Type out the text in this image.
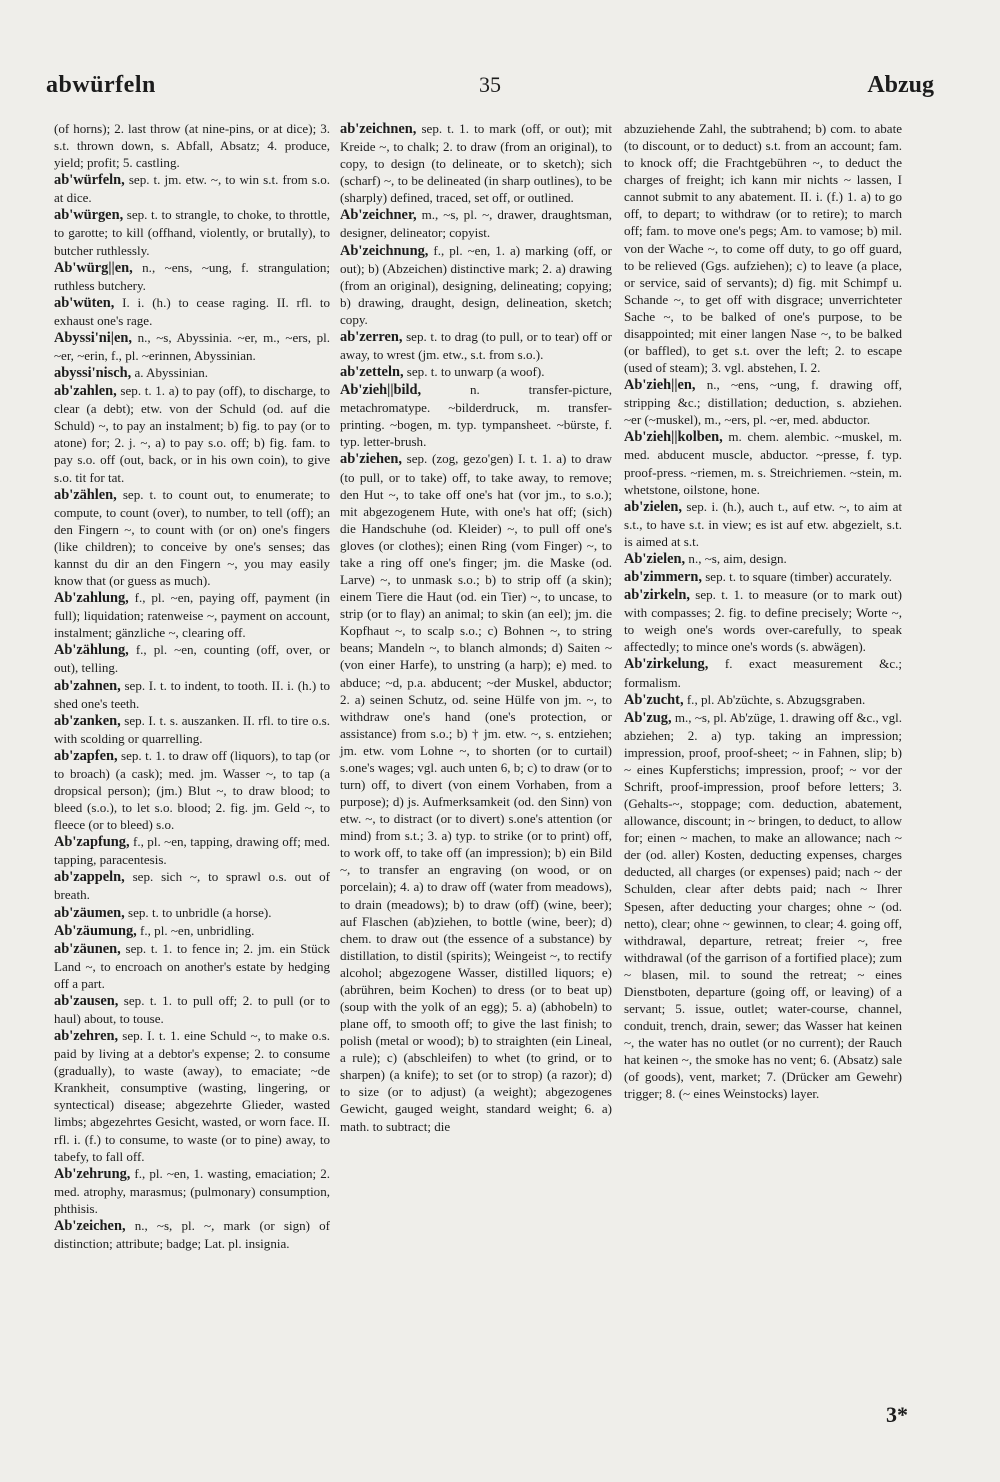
abwürfeln	35	Abzug

(of horns); 2. last throw (at nine-pins, or at dice); 3. s.t. thrown down, s. Abfall, Absatz; 4. produce, yield; profit; 5. castling.

ab'würfeln, sep. t. jm. etw. ~, to win s.t. from s.o. at dice.

ab'würgen, sep. t. to strangle, to choke, to throttle, to garotte; to kill (offhand, violently, or brutally), to butcher ruthlessly.

Ab'würg||en, n., ~ens, ~ung, f. strangulation; ruthless butchery.

ab'wüten, I. i. (h.) to cease raging. II. rfl. to exhaust one's rage.

Abyssi'ni|en, n., ~s, Abyssinia. ~er, m., ~ers, pl. ~er, ~erin, f., pl. ~erinnen, Abyssinian.

abyssi'nisch, a. Abyssinian.

ab'zahlen, sep. t. 1. a) to pay (off), to discharge, to clear (a debt); etw. von der Schuld (od. auf die Schuld) ~, to pay an instalment; b) fig. to pay (or to atone) for; 2. j. ~, a) to pay s.o. off; b) fig. fam. to pay s.o. off (out, back, or in his own coin), to give s.o. tit for tat.

ab'zählen, sep. t. to count out, to enumerate; to compute, to count (over), to number, to tell (off); an den Fingern ~, to count with (or on) one's fingers (like children); to conceive by one's senses; das kannst du dir an den Fingern ~, you may easily know that (or guess as much).

Ab'zahlung, f., pl. ~en, paying off, payment (in full); liquidation; ratenweise ~, payment on account, instalment; gänzliche ~, clearing off.

Ab'zählung, f., pl. ~en, counting (off, over, or out), telling.

ab'zahnen, sep. I. t. to indent, to tooth. II. i. (h.) to shed one's teeth.

ab'zanken, sep. I. t. s. auszanken. II. rfl. to tire o.s. with scolding or quarrelling.

ab'zapfen, sep. t. 1. to draw off (liquors), to tap (or to broach) (a cask); med. jm. Wasser ~, to tap (a dropsical person); (jm.) Blut ~, to draw blood; to bleed (s.o.), to let s.o. blood; 2. fig. jm. Geld ~, to fleece (or to bleed) s.o.

Ab'zapfung, f., pl. ~en, tapping, drawing off; med. tapping, paracentesis.

ab'zappeln, sep. sich ~, to sprawl o.s. out of breath.

ab'zäumen, sep. t. to unbridle (a horse).

Ab'zäumung, f., pl. ~en, unbridling.

ab'zäunen, sep. t. 1. to fence in; 2. jm. ein Stück Land ~, to encroach on another's estate by hedging off a part.

ab'zausen, sep. t. 1. to pull off; 2. to pull (or to haul) about, to touse.

ab'zehren, sep. I. t. 1. eine Schuld ~, to make o.s. paid by living at a debtor's expense; 2. to consume (gradually), to waste (away), to emaciate; ~de Krankheit, consumptive (wasting, lingering, or syntectical) disease; abgezehrte Glieder, wasted limbs; abgezehrtes Gesicht, wasted, or worn face. II. rfl. i. (f.) to consume, to waste (or to pine) away, to tabefy, to fall off.

Ab'zehrung, f., pl. ~en, 1. wasting, emaciation; 2. med. atrophy, marasmus; (pulmonary) consumption, phthisis.

Ab'zeichen, n., ~s, pl. ~, mark (or sign) of distinction; attribute; badge; Lat. pl. insignia.

ab'zeichnen, sep. t. 1. to mark (off, or out); mit Kreide ~, to chalk; 2. to draw (from an original), to copy, to design (to delineate, or to sketch); sich (scharf) ~, to be delineated (in sharp outlines), to be (sharply) defined, traced, set off, or outlined.

Ab'zeichner, m., ~s, pl. ~, drawer, draughtsman, designer, delineator; copyist.

Ab'zeichnung, f., pl. ~en, 1. a) marking (off, or out); b) (Abzeichen) distinctive mark; 2. a) drawing (from an original), designing, delineating; copying; b) drawing, draught, design, delineation, sketch; copy.

ab'zerren, sep. t. to drag (to pull, or to tear) off or away, to wrest (jm. etw., s.t. from s.o.).

ab'zetteln, sep. t. to unwarp (a woof).

Ab'zieh||bild, n. transfer-picture, metachromatype. ~bilderdruck, m. transfer-printing. ~bogen, m. typ. tympansheet. ~bürste, f. typ. letter-brush.

ab'ziehen, sep. (zog, gezo'gen) I. t. 1. a) to draw (to pull, or to take) off, to take away, to remove; den Hut ~, to take off one's hat (vor jm., to s.o.); mit abgezogenem Hute, with one's hat off; (sich) die Handschuhe (od. Kleider) ~, to pull off one's gloves (or clothes); einen Ring (vom Finger) ~, to take a ring off one's finger; jm. die Maske (od. Larve) ~, to unmask s.o.; b) to strip off (a skin); einem Tiere die Haut (od. ein Tier) ~, to uncase, to strip (or to flay) an animal; to skin (an eel); jm. die Kopfhaut ~, to scalp s.o.; c) Bohnen ~, to string beans; Mandeln ~, to blanch almonds; d) Saiten ~ (von einer Harfe), to unstring (a harp); e) med. to abduce; ~d, p.a. abducent; ~der Muskel, abductor; 2. a) seinen Schutz, od. seine Hülfe von jm. ~, to withdraw one's hand (one's protection, or assistance) from s.o.; b) † jm. etw. ~, s. entziehen; jm. etw. vom Lohne ~, to shorten (or to curtail) s.one's wages; vgl. auch unten 6, b; c) to draw (or to turn) off, to divert (von einem Vorhaben, from a purpose); d) js. Aufmerksamkeit (od. den Sinn) von etw. ~, to distract (or to divert) s.one's attention (or mind) from s.t.; 3. a) typ. to strike (or to print) off, to work off, to take off (an impression); b) ein Bild ~, to transfer an engraving (on wood, or on porcelain); 4. a) to draw off (water from meadows), to drain (meadows); b) to draw (off) (wine, beer); auf Flaschen (ab)ziehen, to bottle (wine, beer); d) chem. to draw out (the essence of a substance) by distillation, to distil (spirits); Weingeist ~, to rectify alcohol; abgezogene Wasser, distilled liquors; e) (abrühren, beim Kochen) to dress (or to beat up) (soup with the yolk of an egg); 5. a) (abhobeln) to plane off, to smooth off; to give the last finish; to polish (metal or wood); b) to straighten (ein Lineal, a rule); c) (abschleifen) to whet (to grind, or to sharpen) (a knife); to set (or to strop) (a razor); d) to size (or to adjust) (a weight); abgezogenes Gewicht, gauged weight, standard weight; 6. a) math. to subtract; die

abzuziehende Zahl, the subtrahend; b) com. to abate (to discount, or to deduct) s.t. from an account; fam. to knock off; die Frachtgebühren ~, to deduct the charges of freight; ich kann mir nichts ~ lassen, I cannot submit to any abatement. II. i. (f.) 1. a) to go off, to depart; to withdraw (or to retire); to march off; fam. to move one's pegs; Am. to vamose; b) mil. von der Wache ~, to come off duty, to go off guard, to be relieved (Ggs. aufziehen); c) to leave (a place, or service, said of servants); d) fig. mit Schimpf u. Schande ~, to get off with disgrace; unverrichteter Sache ~, to be balked of one's purpose, to be disappointed; mit einer langen Nase ~, to be balked (or baffled), to get s.t. over the left; 2. to escape (used of steam); 3. vgl. abstehen, I. 2.

Ab'zieh||en, n., ~ens, ~ung, f. drawing off, stripping &c.; distillation; deduction, s. abziehen. ~er (~muskel), m., ~ers, pl. ~er, med. abductor.

Ab'zieh||kolben, m. chem. alembic. ~muskel, m. med. abducent muscle, abductor. ~presse, f. typ. proof-press. ~riemen, m. s. Streichriemen. ~stein, m. whetstone, oilstone, hone.

ab'zielen, sep. i. (h.), auch t., auf etw. ~, to aim at s.t., to have s.t. in view; es ist auf etw. abgezielt, s.t. is aimed at s.t.

Ab'zielen, n., ~s, aim, design.

ab'zimmern, sep. t. to square (timber) accurately.

ab'zirkeln, sep. t. 1. to measure (or to mark out) with compasses; 2. fig. to define precisely; Worte ~, to weigh one's words over-carefully, to speak affectedly; to mince one's words (s. abwägen).

Ab'zirkelung, f. exact measurement &c.; formalism.

Ab'zucht, f., pl. Ab'züchte, s. Abzugsgraben.

Ab'zug, m., ~s, pl. Ab'züge, 1. drawing off &c., vgl. abziehen; 2. a) typ. taking an impression; impression, proof, proof-sheet; ~ in Fahnen, slip; b) ~ eines Kupferstichs; impression, proof; ~ vor der Schrift, proof-impression, proof before letters; 3. (Gehalts-~, stoppage; com. deduction, abatement, allowance, discount; in ~ bringen, to deduct, to allow for; einen ~ machen, to make an allowance; nach ~ der (od. aller) Kosten, deducting expenses, charges deducted, all charges (or expenses) paid; nach ~ der Schulden, clear after debts paid; nach ~ Ihrer Spesen, after deducting your charges; ohne ~ (od. netto), clear; ohne ~ gewinnen, to clear; 4. going off, withdrawal, departure, retreat; freier ~, free withdrawal (of the garrison of a fortified place); zum ~ blasen, mil. to sound the retreat; ~ eines Dienstboten, departure (going off, or leaving) of a servant; 5. issue, outlet; water-course, channel, conduit, trench, drain, sewer; das Wasser hat keinen ~, the water has no outlet (or no current); der Rauch hat keinen ~, the smoke has no vent; 6. (Absatz) sale (of goods), vent, market; 7. (Drücker am Gewehr) trigger; 8. (~ eines Weinstocks) layer.

3*
